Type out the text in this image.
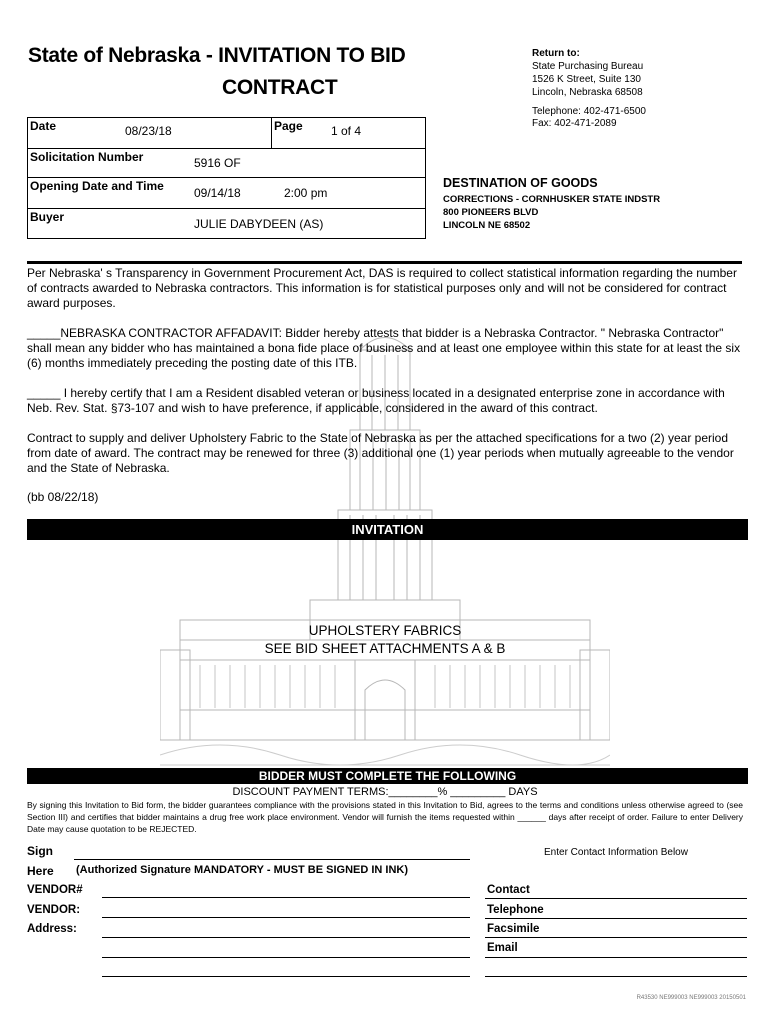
State of Nebraska - INVITATION TO BID
CONTRACT
Return to:
State Purchasing Bureau
1526 K Street, Suite 130
Lincoln, Nebraska 68508
Telephone: 402-471-6500
Fax: 402-471-2089
Date	08/23/18	Page 1 of 4

Solicitation Number	5916 OF

Opening Date and Time	09/14/18	2:00 pm

Buyer	JULIE DABYDEEN (AS)
DESTINATION OF GOODS
CORRECTIONS - CORNHUSKER STATE INDSTR
800 PIONEERS BLVD
LINCOLN NE 68502
Per Nebraska' s Transparency in Government Procurement Act, DAS is required to collect statistical information regarding the number of contracts awarded to Nebraska contractors. This information is for statistical purposes only and will not be considered for contract award purposes.
_____NEBRASKA CONTRACTOR AFFADAVIT: Bidder hereby attests that bidder is a Nebraska Contractor. " Nebraska Contractor" shall mean any bidder who has maintained a bona fide place of business and at least one employee within this state for at least the six (6) months immediately preceding the posting date of this ITB.
_____ I hereby certify that I am a Resident disabled veteran or business located in a designated enterprise zone in accordance with Neb. Rev. Stat. §73-107 and wish to have preference, if applicable, considered in the award of this contract.
Contract to supply and deliver Upholstery Fabric to the State of Nebraska as per the attached specifications for a two (2) year period from date of award. The contract may be renewed for three (3) additional one (1) year periods when mutually agreeable to the vendor and the State of Nebraska.
(bb 08/22/18)
INVITATION
UPHOLSTERY FABRICS
SEE BID SHEET ATTACHMENTS A & B
BIDDER MUST COMPLETE THE FOLLOWING
DISCOUNT PAYMENT TERMS:________% _________ DAYS
By signing this Invitation to Bid form, the bidder guarantees compliance with the provisions stated in this Invitation to Bid, agrees to the terms and conditions unless otherwise agreed to (see Section III) and certifies that bidder maintains a drug free work place environment. Vendor will furnish the items requested within ______ days after receipt of order. Failure to enter Delivery Date may cause quotation to be REJECTED.
Sign
Here (Authorized Signature MANDATORY - MUST BE SIGNED IN INK)
Enter Contact Information Below
VENDOR#
VENDOR:
Address:
Contact
Telephone
Facsimile
Email
R43530 NE999003 NE999003 20150501
